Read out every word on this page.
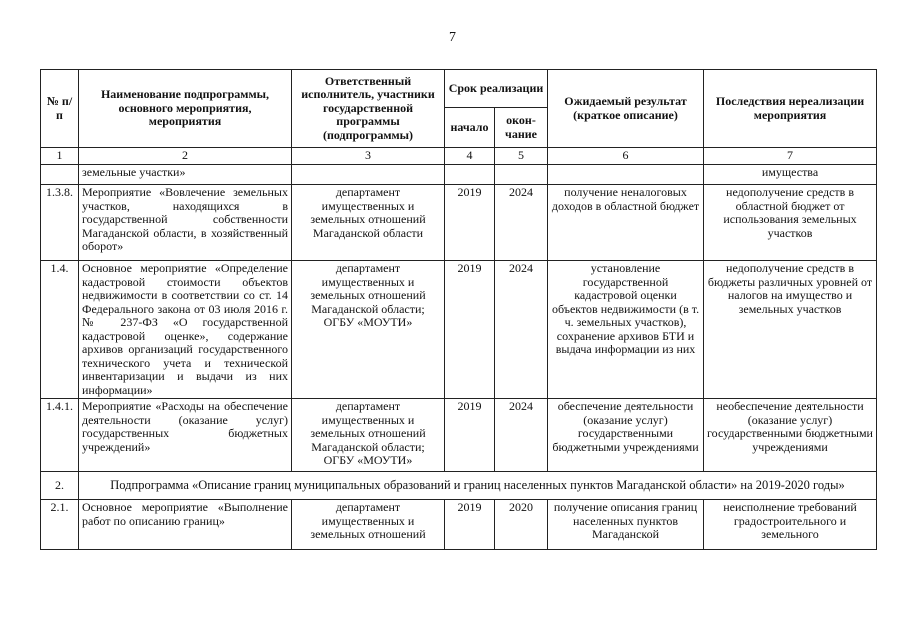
7
№ п/п	Наименование подпрограммы, основного мероприятия, мероприятия	Ответственный исполнитель, участники государственной программы (подпрограммы)	Срок реализации		Ожидаемый результат (краткое описание)	Последствия нереализации мероприятия
			начало	окон- чание		
1	2	3	4	5	6	7
	земельные участки»					имущества
1.3.8.	Мероприятие «Вовлечение земельных участков, находящихся в государственной собственности Магаданской области, в хозяйственный оборот»	департамент имущественных и земельных отношений Магаданской области	2019	2024	получение неналоговых доходов в областной бюджет	недополучение средств в областной бюджет от использования земельных участков
1.4.	Основное мероприятие «Определение кадастровой стоимости объектов недвижимости в соответствии со ст. 14 Федерального закона от 03 июля 2016 г. № 237-ФЗ «О государственной кадастровой оценке», содержание архивов организаций государственного технического учета и технической инвентаризации и выдачи из них информации»	департамент имущественных и земельных отношений Магаданской области; ОГБУ «МОУТИ»	2019	2024	установление государственной кадастровой оценки объектов недвижимости (в т. ч. земельных участков), сохранение архивов БТИ и выдача информации из них	недополучение средств в бюджеты различных уровней от налогов на имущество и земельных участков
1.4.1.	Мероприятие «Расходы на обеспечение деятельности (оказание услуг) государственных бюджетных учреждений»	департамент имущественных и земельных отношений Магаданской области; ОГБУ «МОУТИ»	2019	2024	обеспечение деятельности (оказание услуг) государственными бюджетными учреждениями	необеспечение деятельности (оказание услуг) государственными бюджетными учреждениями
2.	Подпрограмма «Описание границ муниципальных образований и границ населенных пунктов Магаданской области» на 2019-2020 годы»					
2.1.	Основное мероприятие «Выполнение работ по описанию границ»	департамент имущественных и земельных отношений	2019	2020	получение описания границ населенных пунктов Магаданской	неисполнение требований градостроительного и земельного
